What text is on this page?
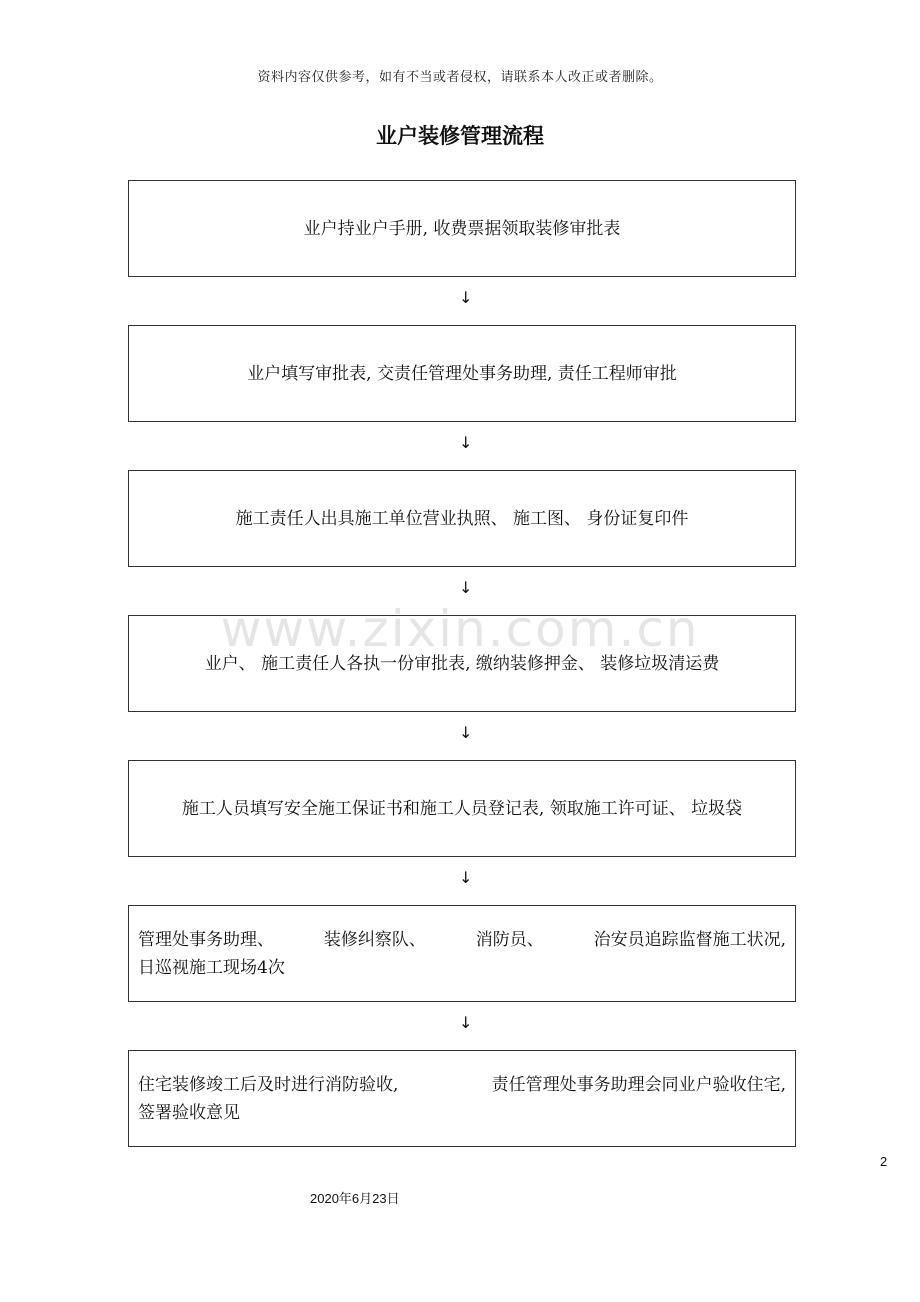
资料内容仅供参考，如有不当或者侵权，请联系本人改正或者删除。
业户装修管理流程
www.zixin.com.cn
业户持业户手册, 收费票据领取装修审批表
↓
业户填写审批表, 交责任管理处事务助理, 责任工程师审批
↓
施工责任人出具施工单位营业执照、 施工图、 身份证复印件
↓
业户、 施工责任人各执一份审批表, 缴纳装修押金、 装修垃圾清运费
↓
施工人员填写安全施工保证书和施工人员登记表, 领取施工许可证、 垃圾袋
↓
管理处事务助理、	装修纠察队、	消防员、	治安员追踪监督施工状况,
日巡视施工现场4次
↓
住宅装修竣工后及时进行消防验收,	责任管理处事务助理会同业户验收住宅,
签署验收意见
2
2020年6月23日
